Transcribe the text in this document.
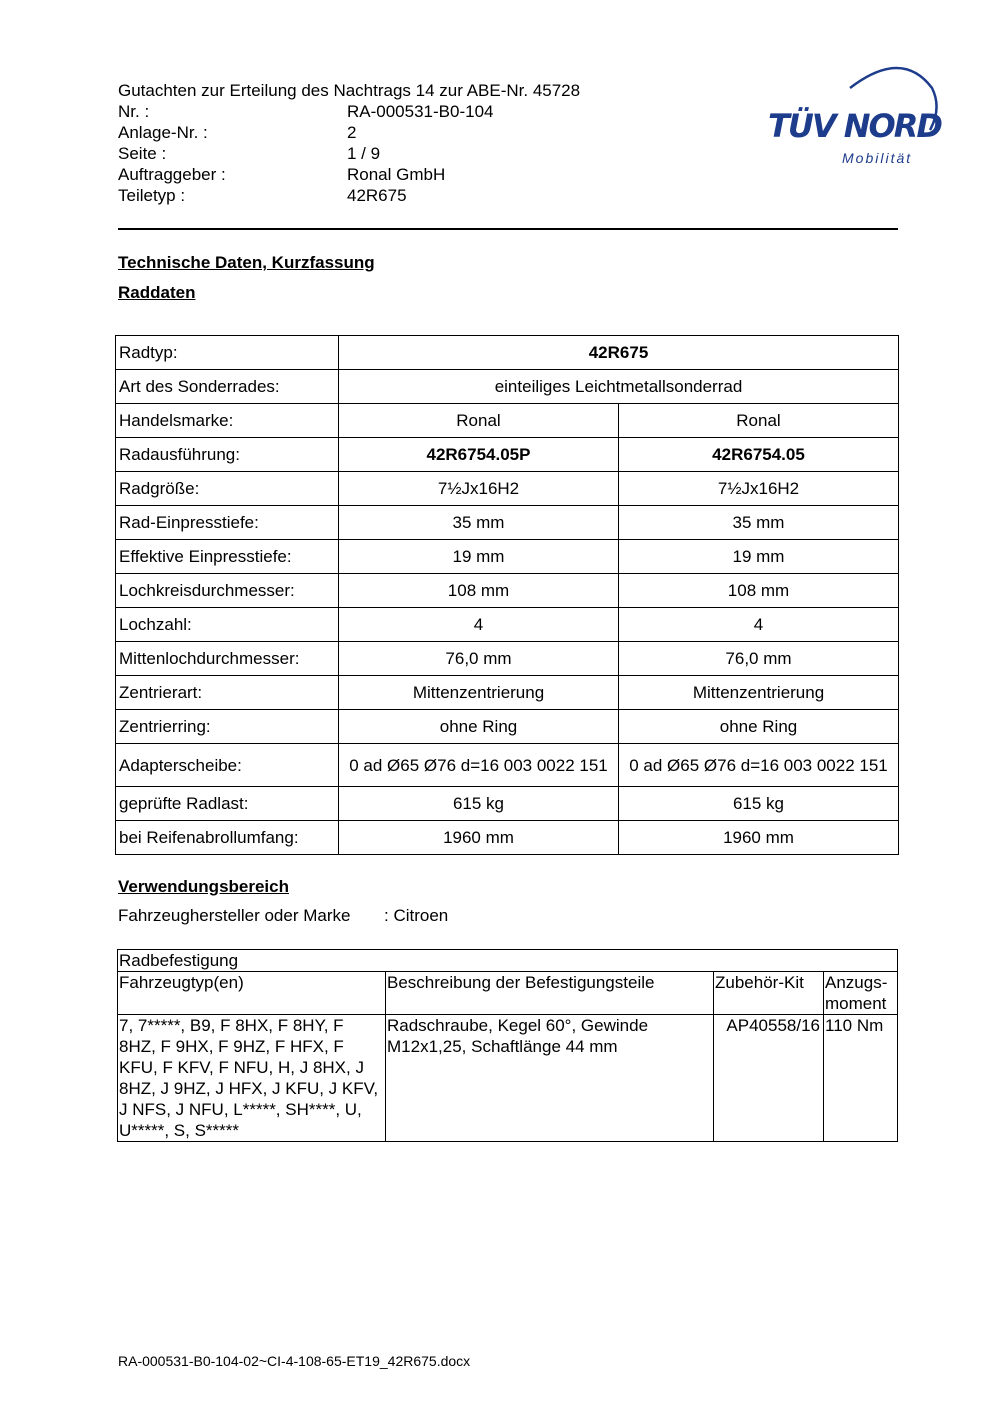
Gutachten zur Erteilung des Nachtrags 14 zur ABE-Nr. 45728
Nr. :	RA-000531-B0-104
Anlage-Nr. :	2
Seite :	1 / 9
Auftraggeber :	Ronal GmbH
Teiletyp :	42R675
TÜV NORD
Mobilität
Technische Daten, Kurzfassung
Raddaten
Radtyp:	42R675	
Art des Sonderrades:	einteiliges Leichtmetallsonderrad	
Handelsmarke:	Ronal	Ronal
Radausführung:	42R6754.05P	42R6754.05
Radgröße:	7½Jx16H2	7½Jx16H2
Rad-Einpresstiefe:	35 mm	35 mm
Effektive Einpresstiefe:	19 mm	19 mm
Lochkreisdurchmesser:	108 mm	108 mm
Lochzahl:	4	4
Mittenlochdurchmesser:	76,0 mm	76,0 mm
Zentrierart:	Mittenzentrierung	Mittenzentrierung
Zentrierring:	ohne Ring	ohne Ring
Adapterscheibe:	0 ad Ø65 Ø76 d=16 003 0022 151	0 ad Ø65 Ø76 d=16 003 0022 151
geprüfte Radlast:	615 kg	615 kg
bei Reifenabrollumfang:	1960 mm	1960 mm
Verwendungsbereich
Fahrzeughersteller oder Marke : Citroen
Radbefestigung			
Fahrzeugtyp(en)	Beschreibung der Befestigungsteile	Zubehör-Kit	Anzugs-moment
7, 7*****, B9, F 8HX, F 8HY, F 8HZ, F 9HX, F 9HZ, F HFX, F KFU, F KFV, F NFU, H, J 8HX, J 8HZ, J 9HZ, J HFX, J KFU, J KFV, J NFS, J NFU, L*****, SH****, U, U*****, S, S*****	Radschraube, Kegel 60°, Gewinde M12x1,25, Schaftlänge 44 mm	AP40558/16	110 Nm
RA-000531-B0-104-02~CI-4-108-65-ET19_42R675.docx
